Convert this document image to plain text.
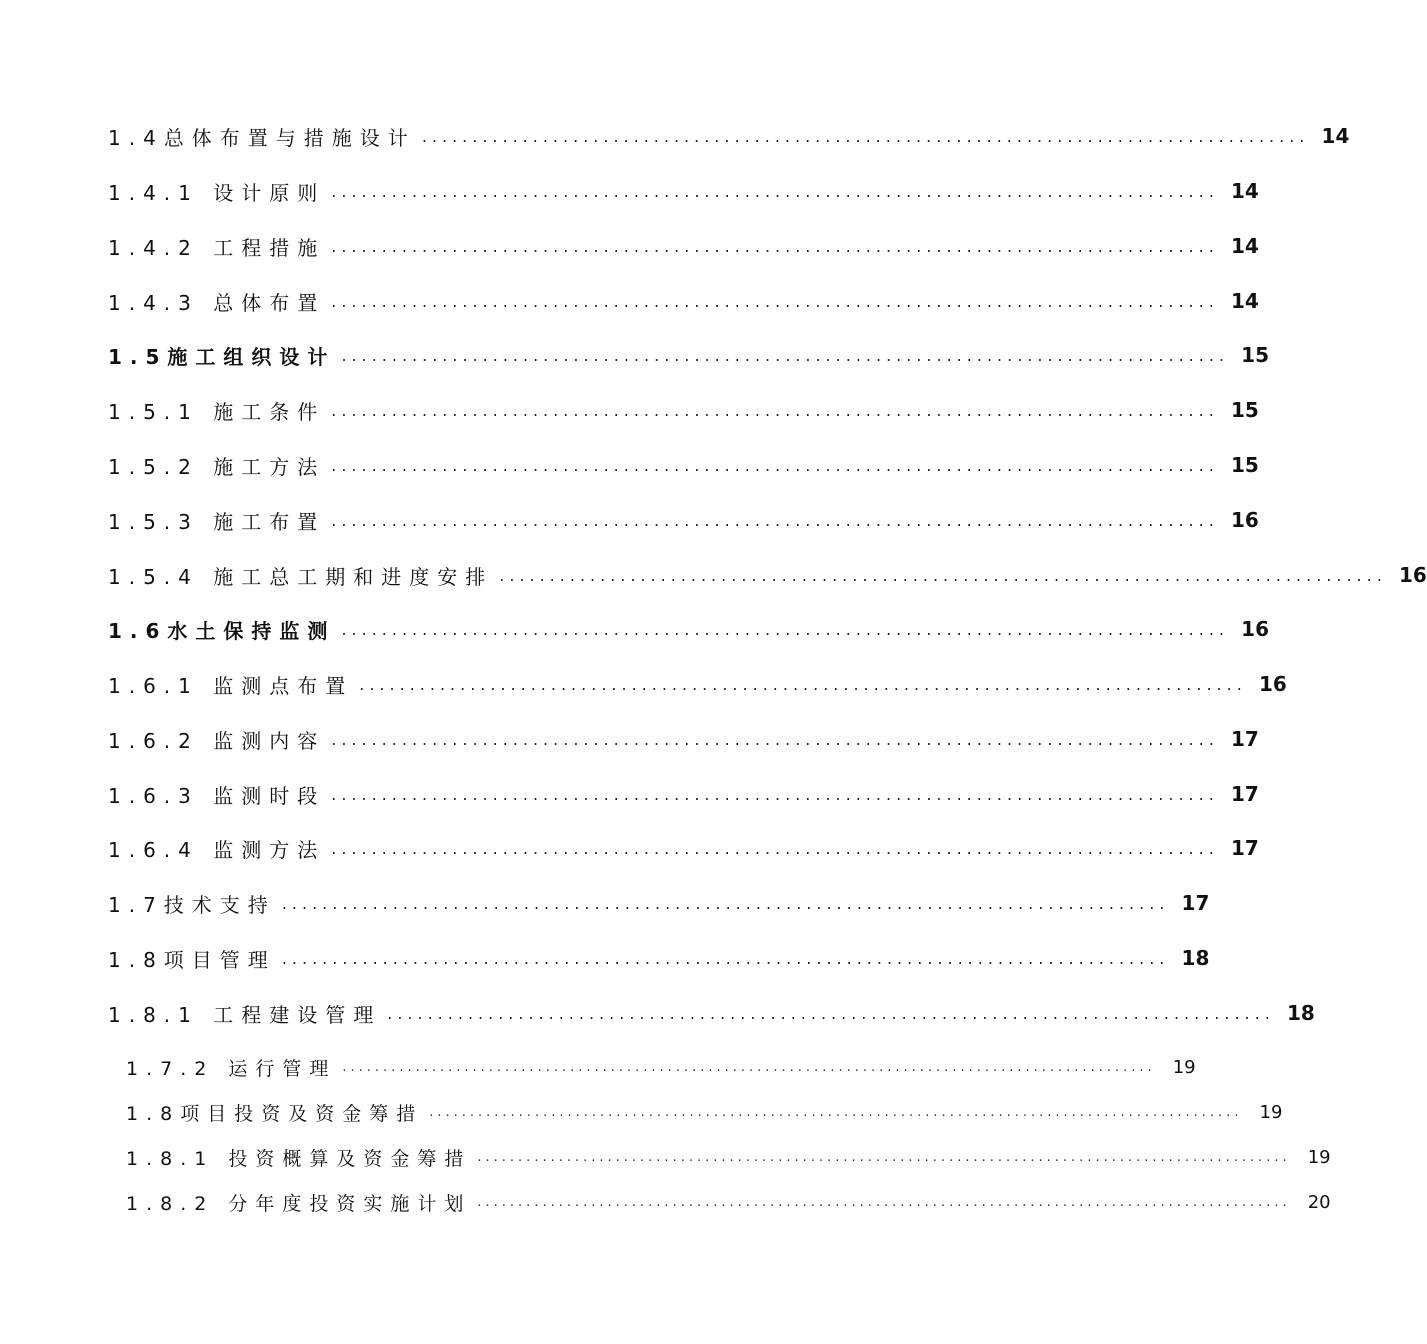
1.4总体布置与措施设计 ........................................................................................ 14
1.4.1 设计原则 ........................................................................................ 14
1.4.2 工程措施 ........................................................................................ 14
1.4.3 总体布置 ........................................................................................ 14
1.5施工组织设计 ........................................................................................ 15
1.5.1 施工条件 ........................................................................................ 15
1.5.2 施工方法 ........................................................................................ 15
1.5.3 施工布置 ........................................................................................ 16
1.5.4 施工总工期和进度安排 ........................................................................................ 16
1.6水土保持监测 ........................................................................................ 16
1.6.1 监测点布置 ........................................................................................ 16
1.6.2 监测内容 ........................................................................................ 17
1.6.3 监测时段 ........................................................................................ 17
1.6.4 监测方法 ........................................................................................ 17
1.7技术支持 ........................................................................................ 17
1.8项目管理 ........................................................................................ 18
1.8.1 工程建设管理 ........................................................................................ 18
1.7.2 运行管理 .................................................................................................... 19
1.8项目投资及资金筹措 .................................................................................................... 19
1.8.1 投资概算及资金筹措 .................................................................................................... 19
1.8.2 分年度投资实施计划 .................................................................................................... 20
